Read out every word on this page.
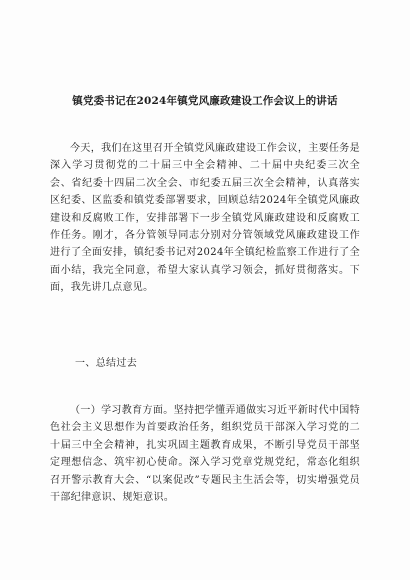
镇党委书记在2024年镇党风廉政建设工作会议上的讲话

今天，我们在这里召开全镇党风廉政建设工作会议，主要任务是深入学习贯彻党的二十届三中全会精神、二十届中央纪委三次全会、省纪委十四届二次全会、市纪委五届三次全会精神，认真落实区纪委、区监委和镇党委部署要求，回顾总结2024年全镇党风廉政建设和反腐败工作，安排部署下一步全镇党风廉政建设和反腐败工作任务。刚才，各分管领导同志分别对分管领域党风廉政建设工作进行了全面安排，镇纪委书记对2024年全镇纪检监察工作进行了全面小结，我完全同意，希望大家认真学习领会，抓好贯彻落实。下面，我先讲几点意见。

一、总结过去

（一）学习教育方面。坚持把学懂弄通做实习近平新时代中国特色社会主义思想作为首要政治任务，组织党员干部深入学习党的二十届三中全会精神，扎实巩固主题教育成果，不断引导党员干部坚定理想信念、筑牢初心使命。深入学习党章党规党纪，常态化组织召开警示教育大会、“以案促改”专题民主生活会等，切实增强党员干部纪律意识、规矩意识。
